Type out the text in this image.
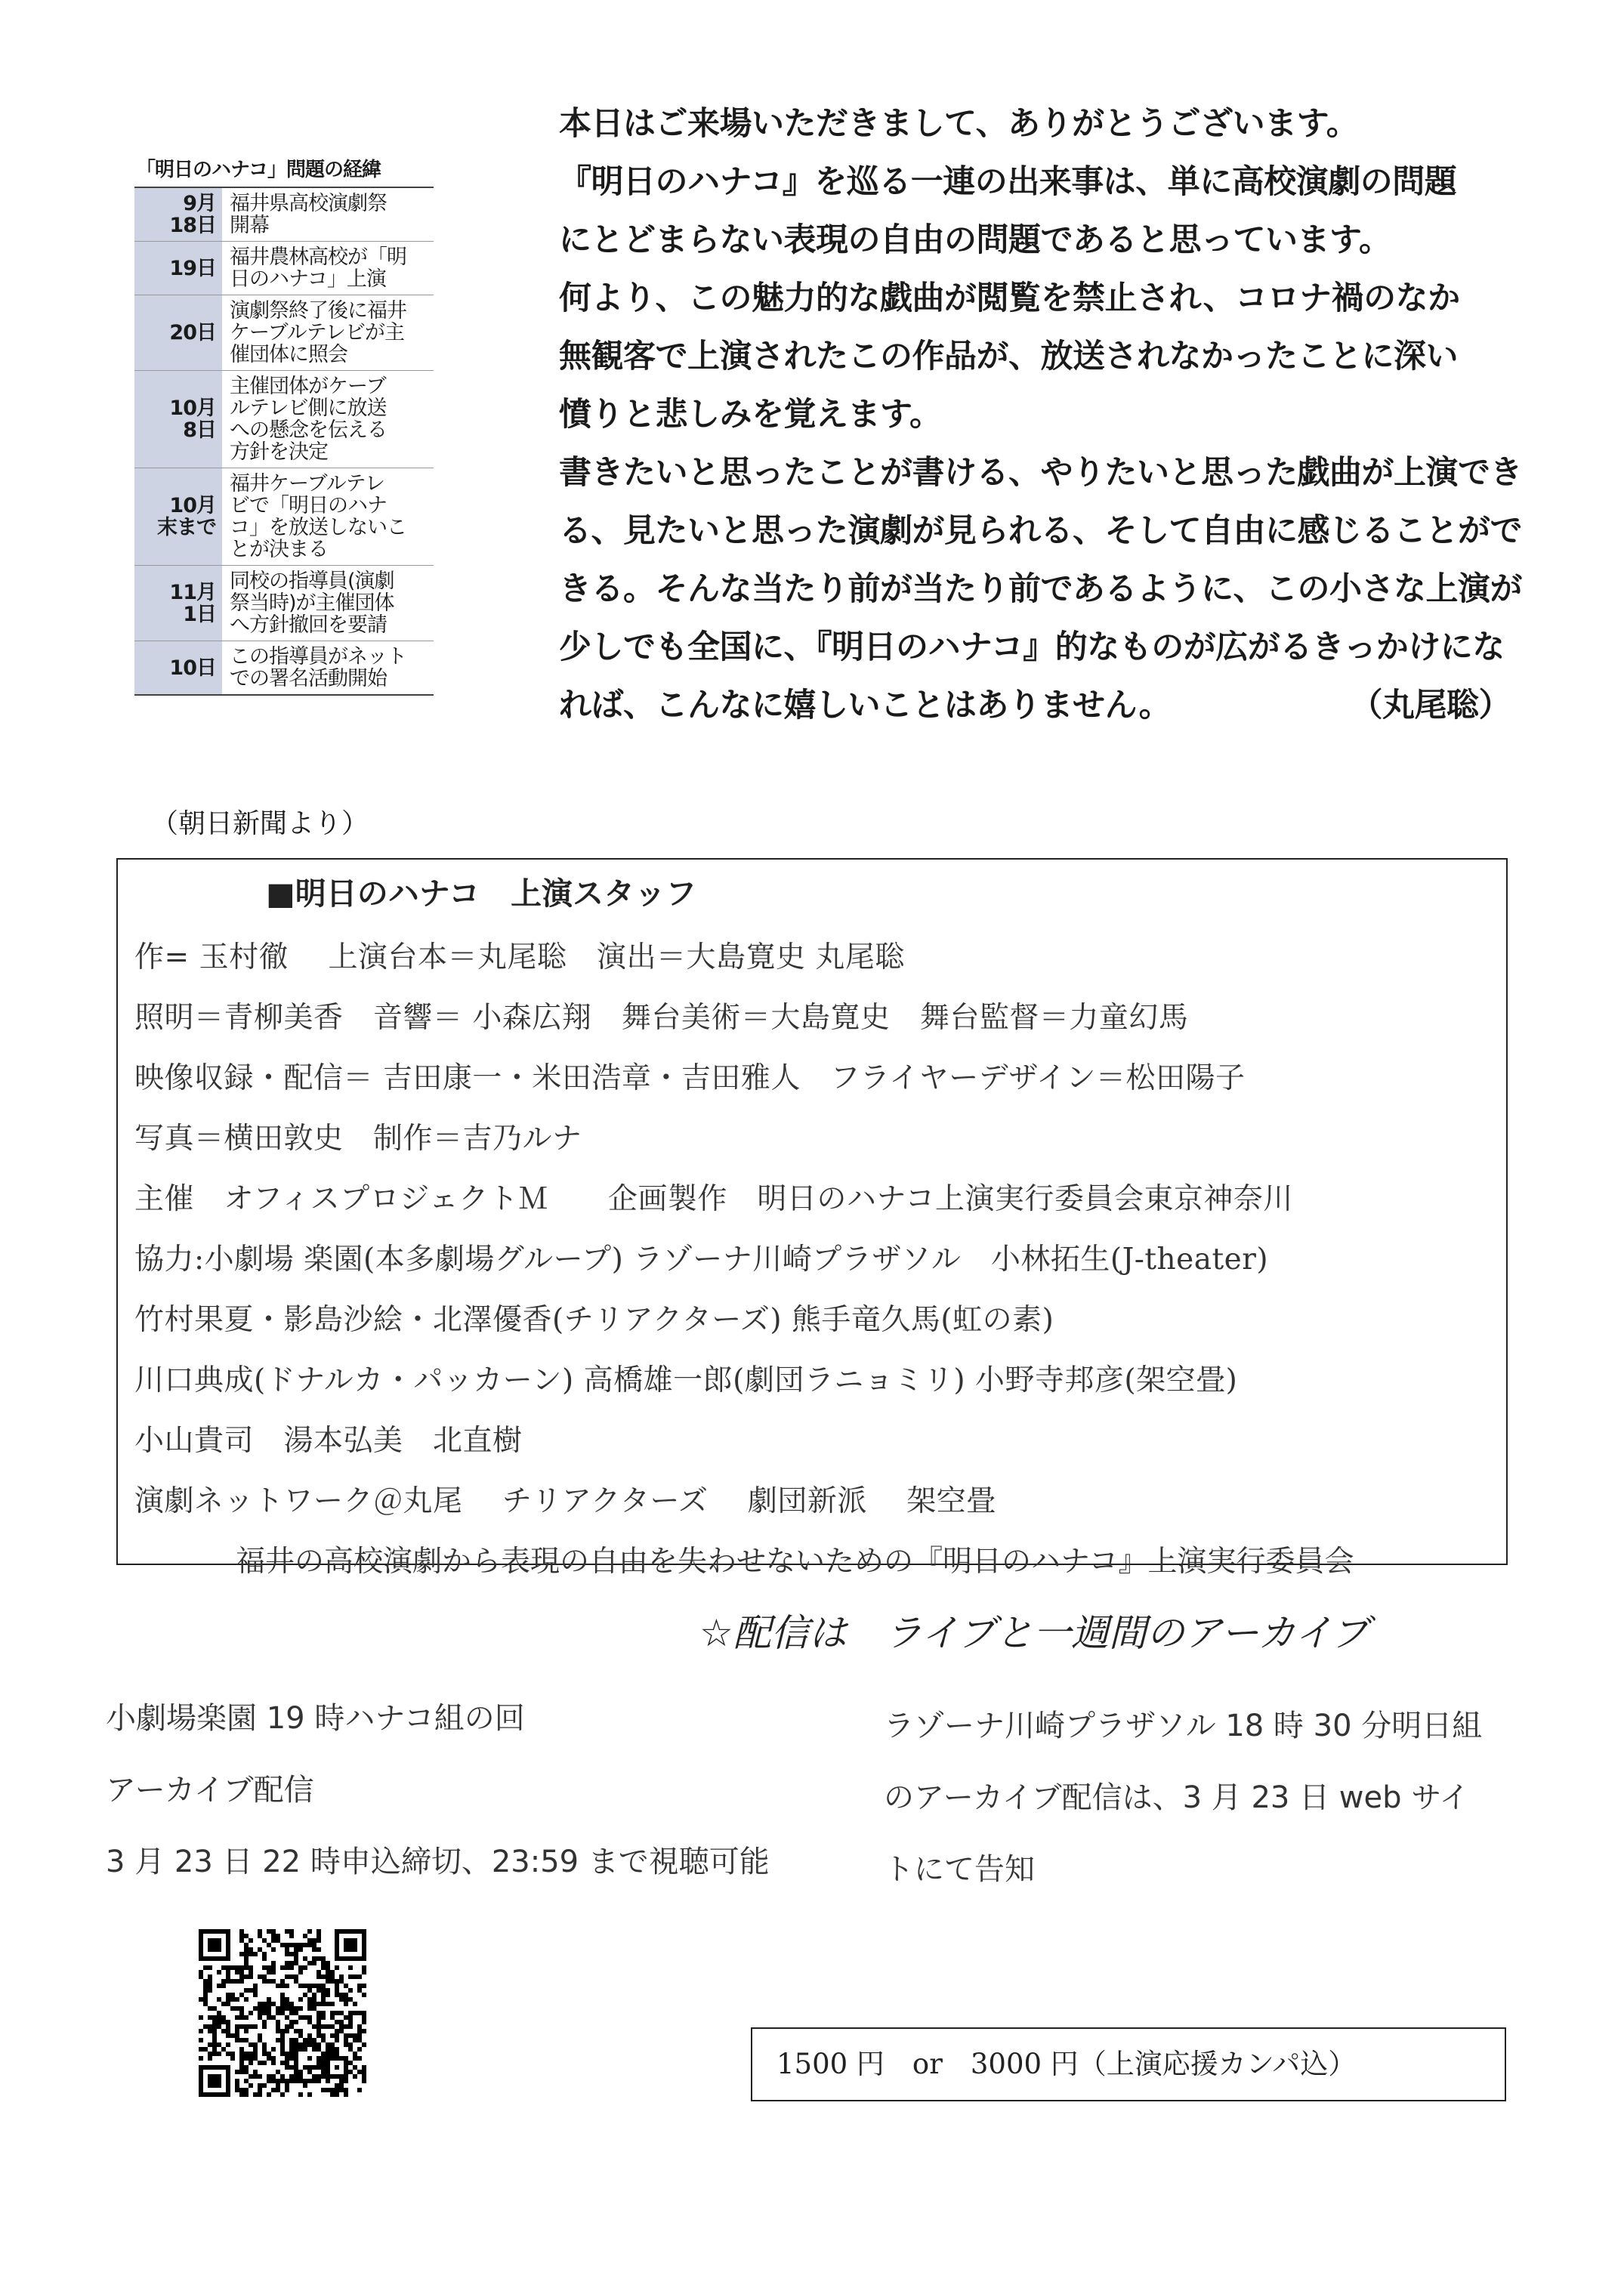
「明日のハナコ」問題の経緯
9月
18日	福井県高校演劇祭
開幕

19日	福井農林高校が「明
日のハナコ」上演

20日	演劇祭終了後に福井
ケーブルテレビが主
催団体に照会

10月
8日	主催団体がケーブ
ルテレビ側に放送
への懸念を伝える
方針を決定

10月
末まで	福井ケーブルテレ
ビで「明日のハナ
コ」を放送しないこ
とが決まる

11月
1日	同校の指導員(演劇
祭当時)が主催団体
へ方針撤回を要請

10日	この指導員がネット
での署名活動開始
（朝日新聞より）
本日はご来場いただきまして、ありがとうございます。
『明日のハナコ』を巡る一連の出来事は、単に高校演劇の問題
にとどまらない表現の自由の問題であると思っています。
何より、この魅力的な戯曲が閲覧を禁止され、コロナ禍のなか
無観客で上演されたこの作品が、放送されなかったことに深い
憤りと悲しみを覚えます。
書きたいと思ったことが書ける、やりたいと思った戯曲が上演でき
る、見たいと思った演劇が見られる、そして自由に感じることがで
きる。そんな当たり前が当たり前であるように、この小さな上演が
少しでも全国に、『明日のハナコ』的なものが広がるきっかけにな
れば、こんなに嬉しいことはありません。	（丸尾聡）
■明日のハナコ　上演スタッフ
作= 玉村徹　 上演台本＝丸尾聡　演出＝大島寛史 丸尾聡
照明＝青柳美香　音響＝ 小森広翔　舞台美術＝大島寛史　舞台監督＝力童幻馬
映像収録・配信＝ 吉田康一・米田浩章・吉田雅人　フライヤーデザイン＝松田陽子
写真＝横田敦史　制作＝吉乃ルナ
主催　オフィスプロジェクトＭ　　企画製作　明日のハナコ上演実行委員会東京神奈川
協力:小劇場 楽園(本多劇場グループ) ラゾーナ川崎プラザソル　小林拓生(J-theater)
竹村果夏・影島沙絵・北澤優香(チリアクターズ) 熊手竜久馬(虹の素)
川口典成(ドナルカ・パッカーン) 高橋雄一郎(劇団ラニョミリ) 小野寺邦彦(架空畳)
小山貴司　湯本弘美　北直樹
演劇ネットワーク＠丸尾　 チリアクターズ　 劇団新派　 架空畳
福井の高校演劇から表現の自由を失わせないための『明日のハナコ』上演実行委員会
☆配信は　ライブと一週間のアーカイブ
小劇場楽園 19 時ハナコ組の回
アーカイブ配信
3 月 23 日 22 時申込締切、23:59 まで視聴可能
ラゾーナ川崎プラザソル 18 時 30 分明日組
のアーカイブ配信は、3 月 23 日 web サイ
トにて告知
1500 円　or　3000 円（上演応援カンパ込）
